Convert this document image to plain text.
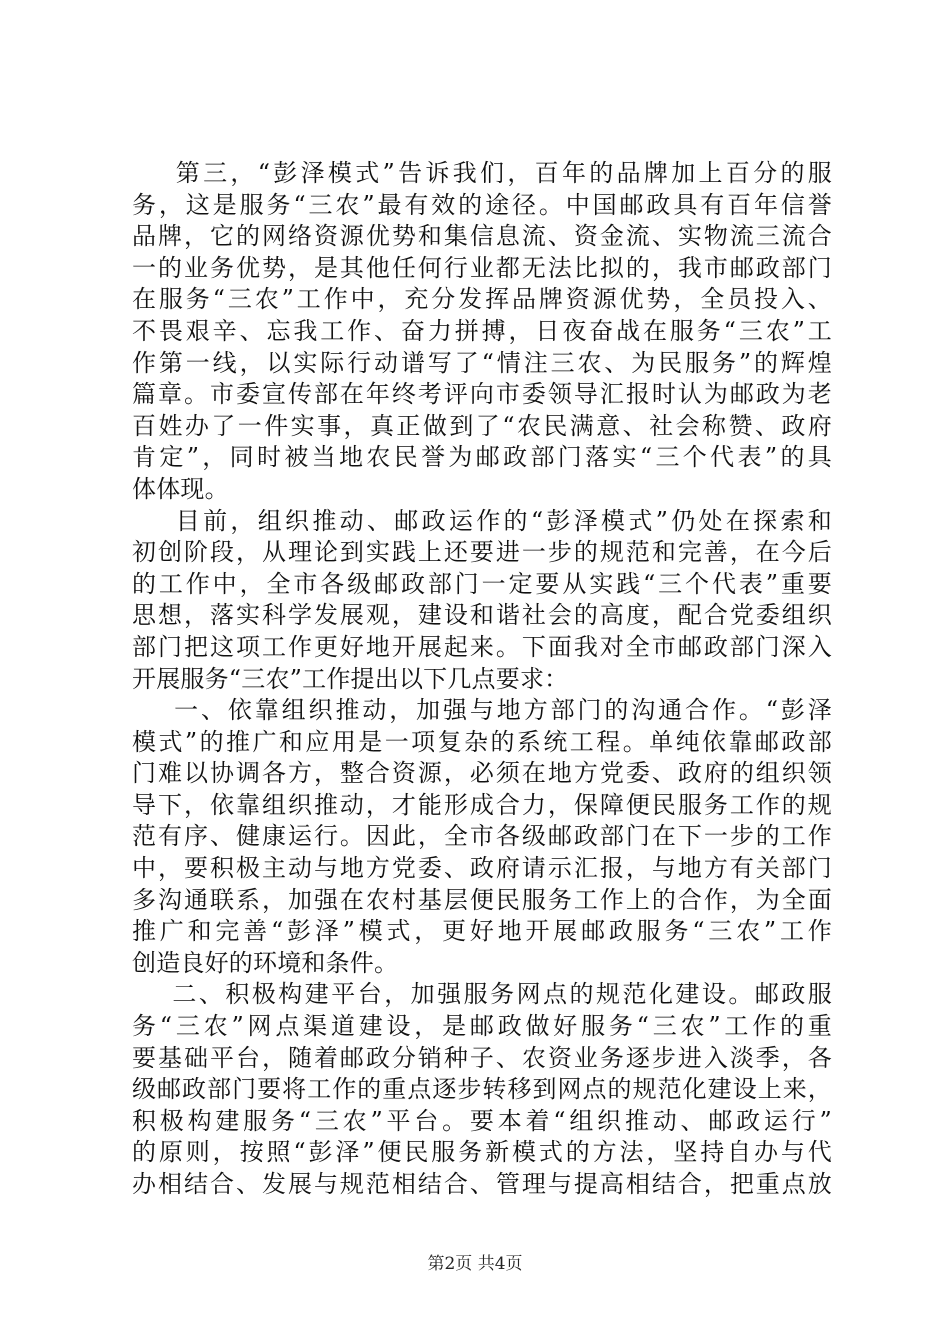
第三，“彭泽模式”告诉我们，百年的品牌加上百分的服
务，这是服务“三农”最有效的途径。中国邮政具有百年信誉
品牌，它的网络资源优势和集信息流、资金流、实物流三流合
一的业务优势，是其他任何行业都无法比拟的，我市邮政部门
在服务“三农”工作中，充分发挥品牌资源优势，全员投入、
不畏艰辛、忘我工作、奋力拼搏，日夜奋战在服务“三农”工
作第一线，以实际行动谱写了“情注三农、为民服务”的辉煌
篇章。市委宣传部在年终考评向市委领导汇报时认为邮政为老
百姓办了一件实事，真正做到了“农民满意、社会称赞、政府
肯定”，同时被当地农民誉为邮政部门落实“三个代表”的具
体体现。
目前，组织推动、邮政运作的“彭泽模式”仍处在探索和
初创阶段，从理论到实践上还要进一步的规范和完善，在今后
的工作中，全市各级邮政部门一定要从实践“三个代表”重要
思想，落实科学发展观，建设和谐社会的高度，配合党委组织
部门把这项工作更好地开展起来。下面我对全市邮政部门深入
开展服务“三农”工作提出以下几点要求：
一、依靠组织推动，加强与地方部门的沟通合作。“彭泽
模式”的推广和应用是一项复杂的系统工程。单纯依靠邮政部
门难以协调各方，整合资源，必须在地方党委、政府的组织领
导下，依靠组织推动，才能形成合力，保障便民服务工作的规
范有序、健康运行。因此，全市各级邮政部门在下一步的工作
中，要积极主动与地方党委、政府请示汇报，与地方有关部门
多沟通联系，加强在农村基层便民服务工作上的合作，为全面
推广和完善“彭泽”模式，更好地开展邮政服务“三农”工作
创造良好的环境和条件。
二、积极构建平台，加强服务网点的规范化建设。邮政服
务“三农”网点渠道建设，是邮政做好服务“三农”工作的重
要基础平台，随着邮政分销种子、农资业务逐步进入淡季，各
级邮政部门要将工作的重点逐步转移到网点的规范化建设上来，
积极构建服务“三农”平台。要本着“组织推动、邮政运行”
的原则，按照“彭泽”便民服务新模式的方法，坚持自办与代
办相结合、发展与规范相结合、管理与提高相结合，把重点放
第2页 共4页
